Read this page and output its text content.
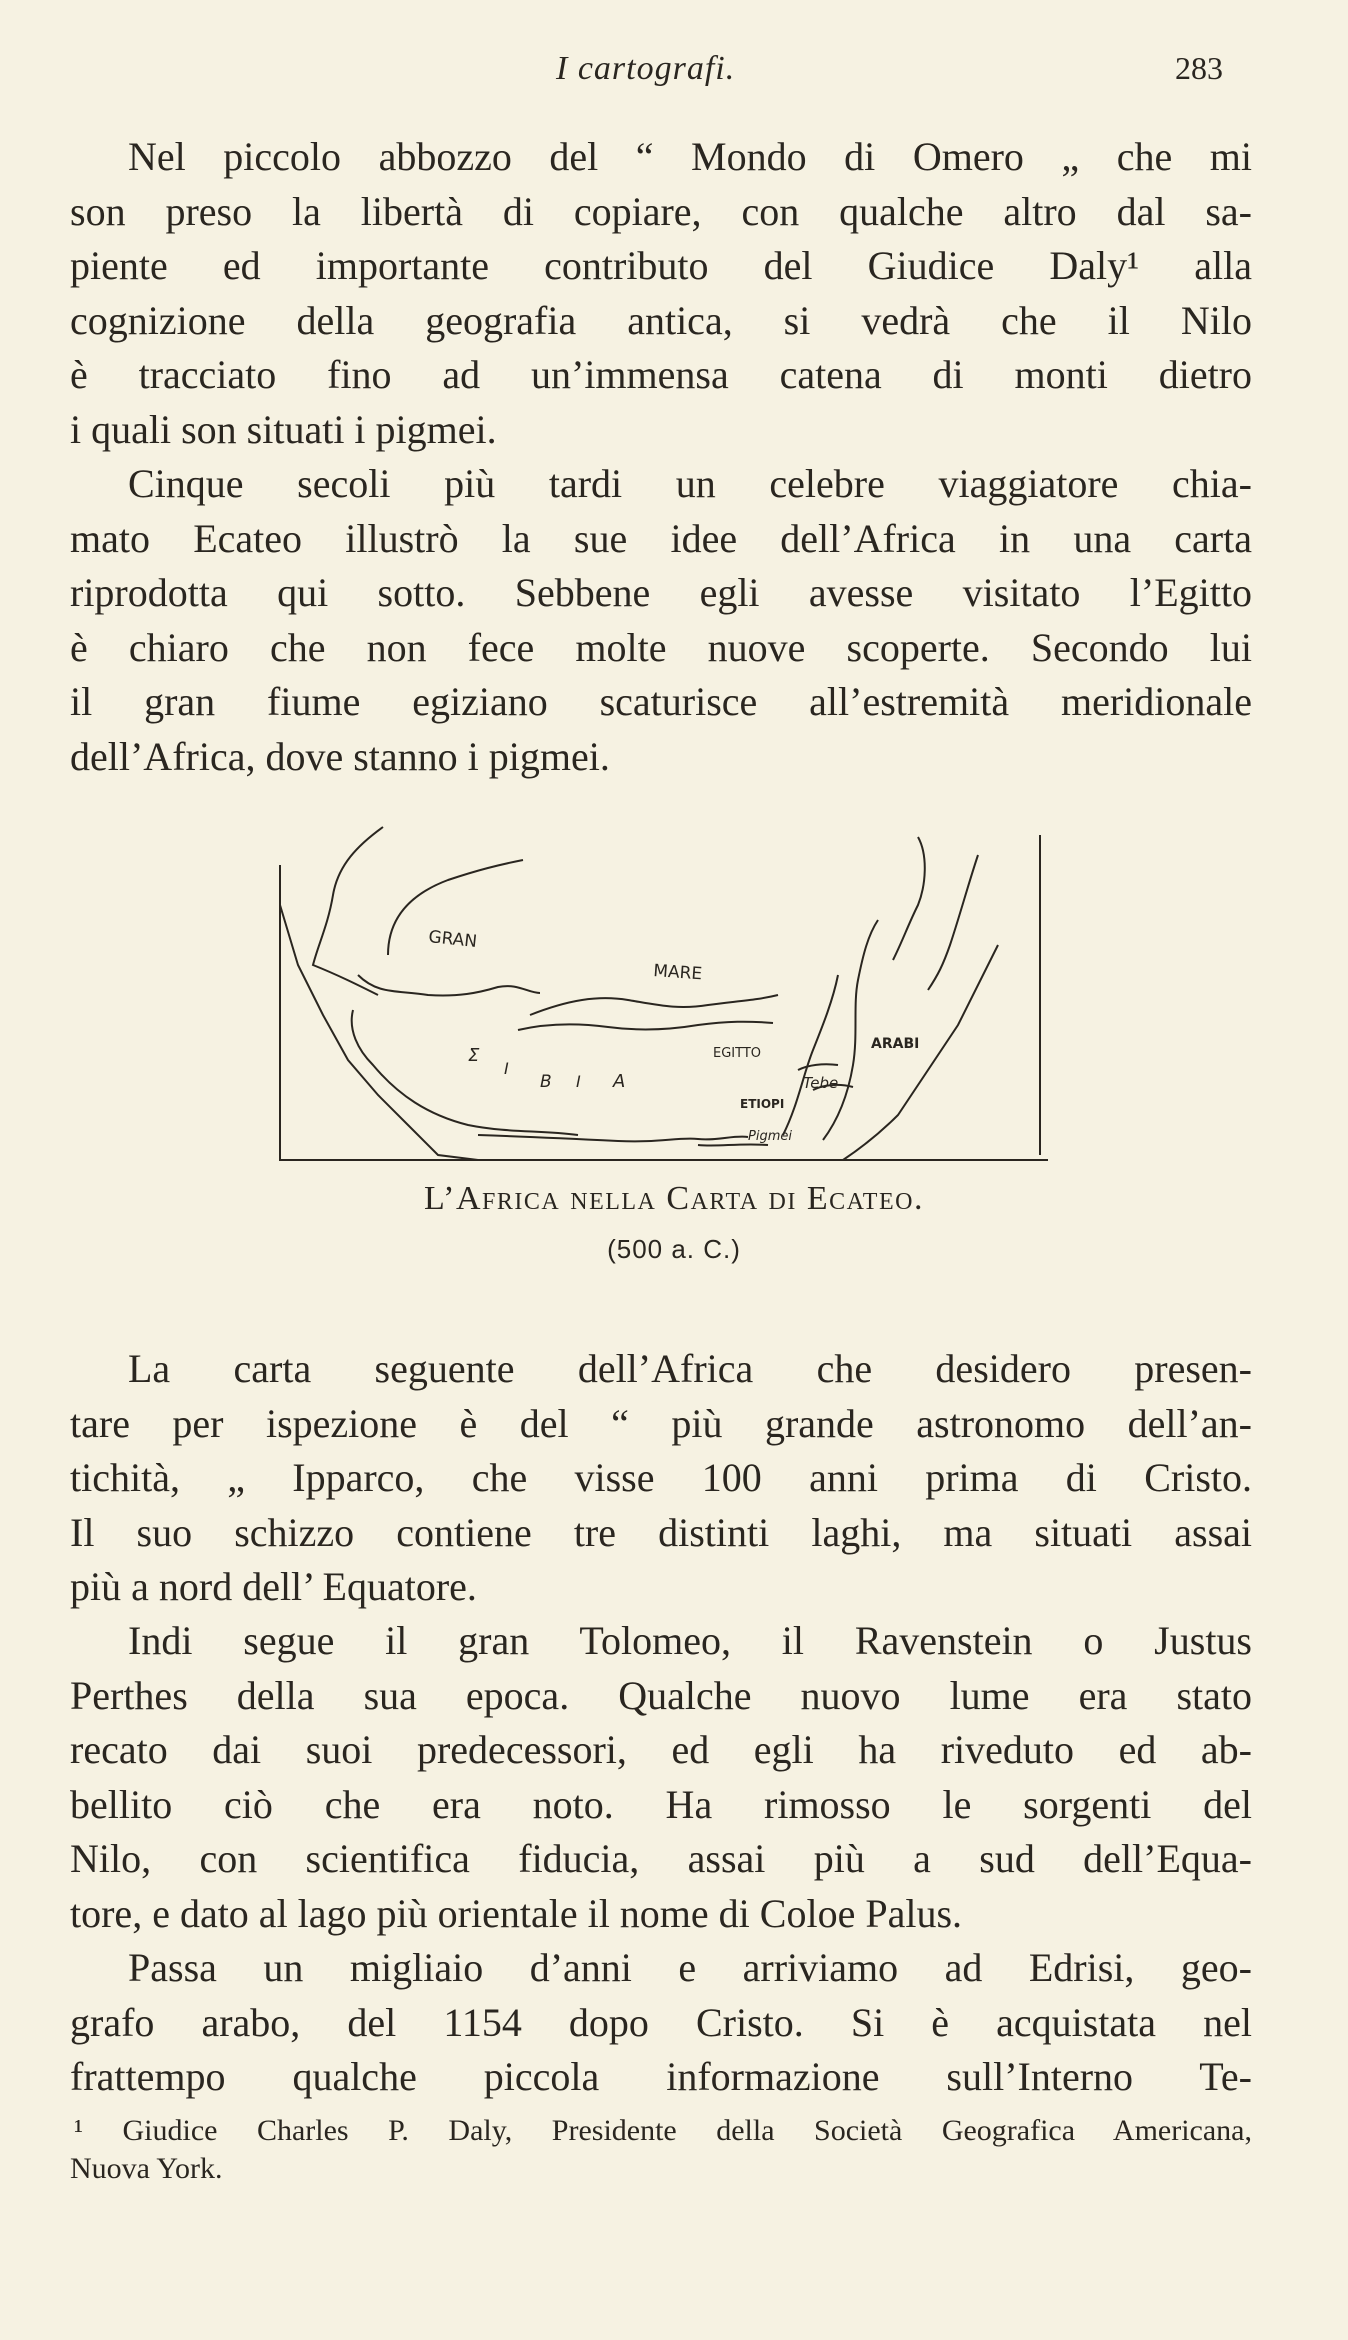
I cartografi.	283
Nel piccolo abbozzo del “ Mondo di Omero „ che mi
son preso la libertà di copiare, con qualche altro dal sa-
piente ed importante contributo del Giudice Daly¹ alla
cognizione della geografia antica, si vedrà che il Nilo
è tracciato fino ad un’immensa catena di monti dietro
i quali son situati i pigmei.
Cinque secoli più tardi un celebre viaggiatore chia-
mato Ecateo illustrò la sue idee dell’Africa in una carta
riprodotta qui sotto. Sebbene egli avesse visitato l’Egitto
è chiaro che non fece molte nuove scoperte. Secondo lui
il gran fiume egiziano scaturisce all’estremità meridionale
dell’Africa, dove stanno i pigmei.
GRAN
MARE
Σ
I
B I A
EGITTO
ARABI
Tebe
ETIOPI
Pigmei
L’Africa nella Carta di Ecateo.
(500 a. C.)
La carta seguente dell’Africa che desidero presen-
tare per ispezione è del “ più grande astronomo dell’an-
tichità, „ Ipparco, che visse 100 anni prima di Cristo.
Il suo schizzo contiene tre distinti laghi, ma situati assai
più a nord dell’ Equatore.
Indi segue il gran Tolomeo, il Ravenstein o Justus
Perthes della sua epoca. Qualche nuovo lume era stato
recato dai suoi predecessori, ed egli ha riveduto ed ab-
bellito ciò che era noto. Ha rimosso le sorgenti del
Nilo, con scientifica fiducia, assai più a sud dell’Equa-
tore, e dato al lago più orientale il nome di Coloe Palus.
Passa un migliaio d’anni e arriviamo ad Edrisi, geo-
grafo arabo, del 1154 dopo Cristo. Si è acquistata nel
frattempo qualche piccola informazione sull’Interno Te-
¹ Giudice Charles P. Daly, Presidente della Società Geografica Americana,
Nuova York.
